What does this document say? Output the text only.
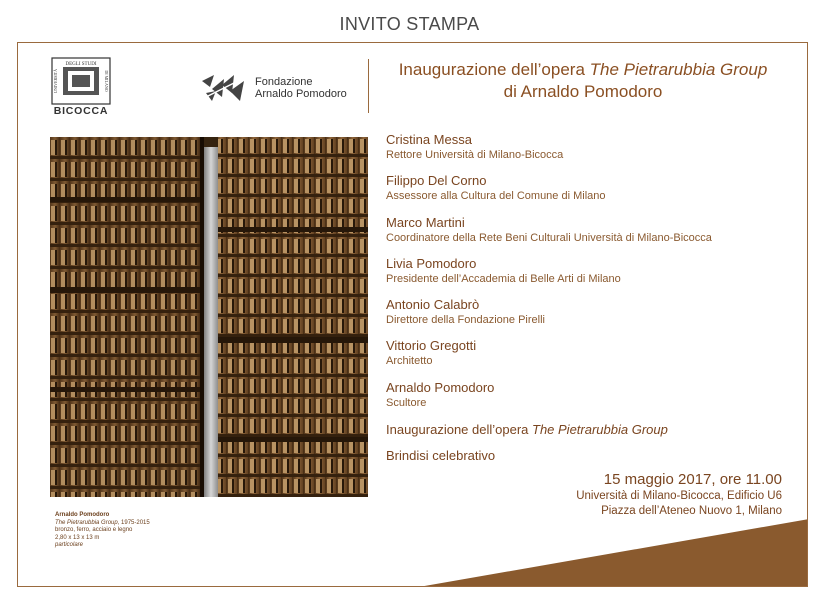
INVITO STAMPA
DEGLI STUDI
UNIVERSITÀ	DI MILANO
BICOCCA
Fondazione
Arnaldo Pomodoro
Inaugurazione dell’opera The Pietrarubbia Group
di Arnaldo Pomodoro
Arnaldo Pomodoro
The Pietrarubbia Group, 1975-2015
bronzo, ferro, acciaio e legno
2,80 x 13 x 13 m
particolare
Cristina Messa
Rettore Università di Milano-Bicocca
Filippo Del Corno
Assessore alla Cultura del Comune di Milano
Marco Martini
Coordinatore della Rete Beni Culturali Università di Milano-Bicocca
Livia Pomodoro
Presidente dell’Accademia di Belle Arti di Milano
Antonio Calabrò
Direttore della Fondazione Pirelli
Vittorio Gregotti
Architetto
Arnaldo Pomodoro
Scultore
Inaugurazione dell’opera The Pietrarubbia Group
Brindisi celebrativo
15 maggio 2017, ore 11.00
Università di Milano-Bicocca, Edificio U6
Piazza dell’Ateneo Nuovo 1, Milano
